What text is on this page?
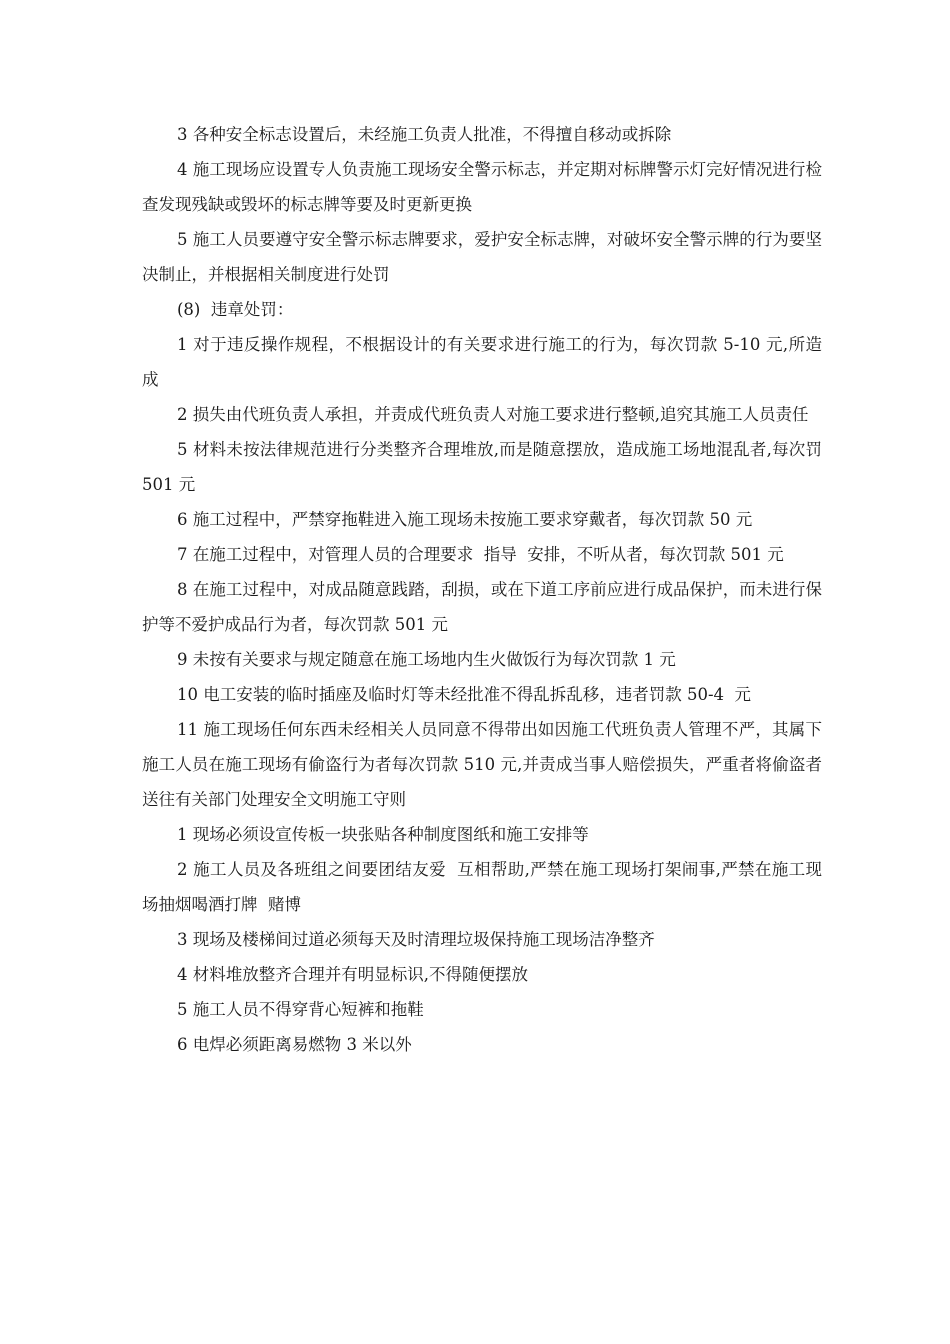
3 各种安全标志设置后，未经施工负责人批准，不得擅自移动或拆除

4 施工现场应设置专人负责施工现场安全警示标志，并定期对标牌警示灯完好情况进行检查发现残缺或毁坏的标志牌等要及时更新更换

5 施工人员要遵守安全警示标志牌要求，爱护安全标志牌，对破坏安全警示牌的行为要坚决制止，并根据相关制度进行处罚

(8)  违章处罚：

1 对于违反操作规程，不根据设计的有关要求进行施工的行为，每次罚款 5-10 元,所造成

2 损失由代班负责人承担，并责成代班负责人对施工要求进行整顿,追究其施工人员责任

5 材料未按法律规范进行分类整齐合理堆放,而是随意摆放，造成施工场地混乱者,每次罚 501 元

6 施工过程中，严禁穿拖鞋进入施工现场未按施工要求穿戴者，每次罚款 50 元

7 在施工过程中，对管理人员的合理要求  指导  安排，不听从者，每次罚款 501 元

8 在施工过程中，对成品随意践踏，刮损，或在下道工序前应进行成品保护，而未进行保护等不爱护成品行为者，每次罚款 501 元

9 未按有关要求与规定随意在施工场地内生火做饭行为每次罚款 1 元

10 电工安装的临时插座及临时灯等未经批准不得乱拆乱移，违者罚款 50-4  元

11 施工现场任何东西未经相关人员同意不得带出如因施工代班负责人管理不严，其属下施工人员在施工现场有偷盗行为者每次罚款 510 元,并责成当事人赔偿损失，严重者将偷盗者送往有关部门处理安全文明施工守则

1 现场必须设宣传板一块张贴各种制度图纸和施工安排等

2 施工人员及各班组之间要团结友爱  互相帮助,严禁在施工现场打架闹事,严禁在施工现场抽烟喝酒打牌  赌博

3 现场及楼梯间过道必须每天及时清理垃圾保持施工现场洁净整齐

4 材料堆放整齐合理并有明显标识,不得随便摆放

5 施工人员不得穿背心短裤和拖鞋

6 电焊必须距离易燃物 3 米以外
